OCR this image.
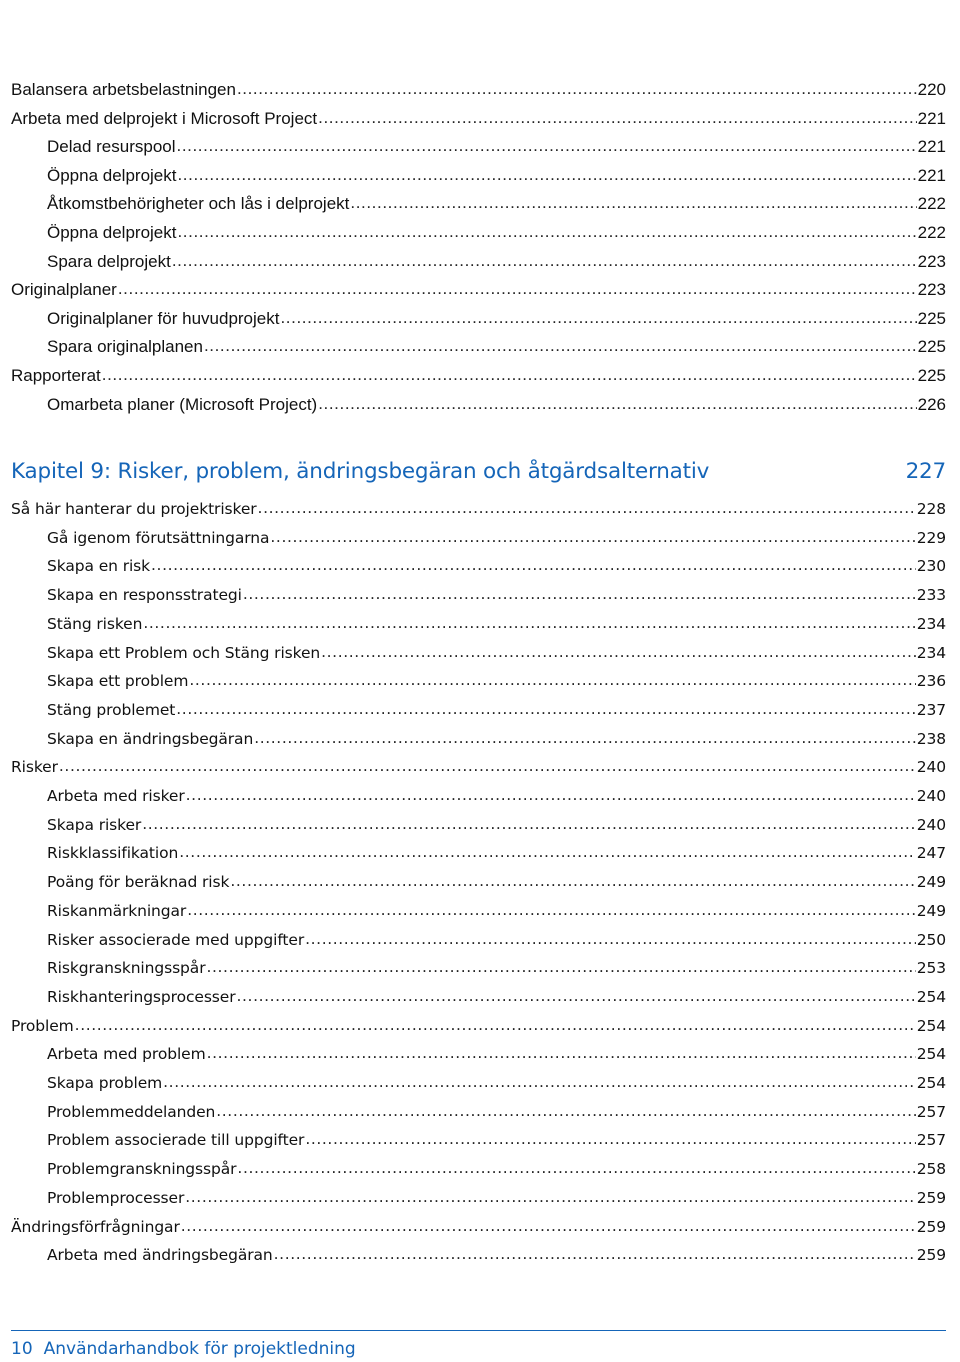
Balansera arbetsbelastningen .....	220
Arbeta med delprojekt i Microsoft Project .....	221
Delad resurspool .....	221
Öppna delprojekt .....	221
Åtkomstbehörigheter och lås i delprojekt .....	222
Öppna delprojekt .....	222
Spara delprojekt .....	223
Originalplaner .....	223
Originalplaner för huvudprojekt .....	225
Spara originalplanen .....	225
Rapporterat .....	225
Omarbeta planer (Microsoft Project) .....	226
Kapitel 9: Risker, problem, ändringsbegäran och åtgärdsalternativ	227
Så här hanterar du projektrisker .....	228
Gå igenom förutsättningarna .....	229
Skapa en risk .....	230
Skapa en responsstrategi .....	233
Stäng risken .....	234
Skapa ett Problem och Stäng risken .....	234
Skapa ett problem .....	236
Stäng problemet .....	237
Skapa en ändringsbegäran .....	238
Risker .....	240
Arbeta med risker .....	240
Skapa risker .....	240
Riskklassifikation .....	247
Poäng för beräknad risk .....	249
Riskanmärkningar .....	249
Risker associerade med uppgifter .....	250
Riskgranskningsspår .....	253
Riskhanteringsprocesser .....	254
Problem .....	254
Arbeta med problem .....	254
Skapa problem .....	254
Problemmeddelanden .....	257
Problem associerade till uppgifter .....	257
Problemgranskningsspår .....	258
Problemprocesser .....	259
Ändringsförfrågningar .....	259
Arbeta med ändringsbegäran .....	259
10 Användarhandbok för projektledning
